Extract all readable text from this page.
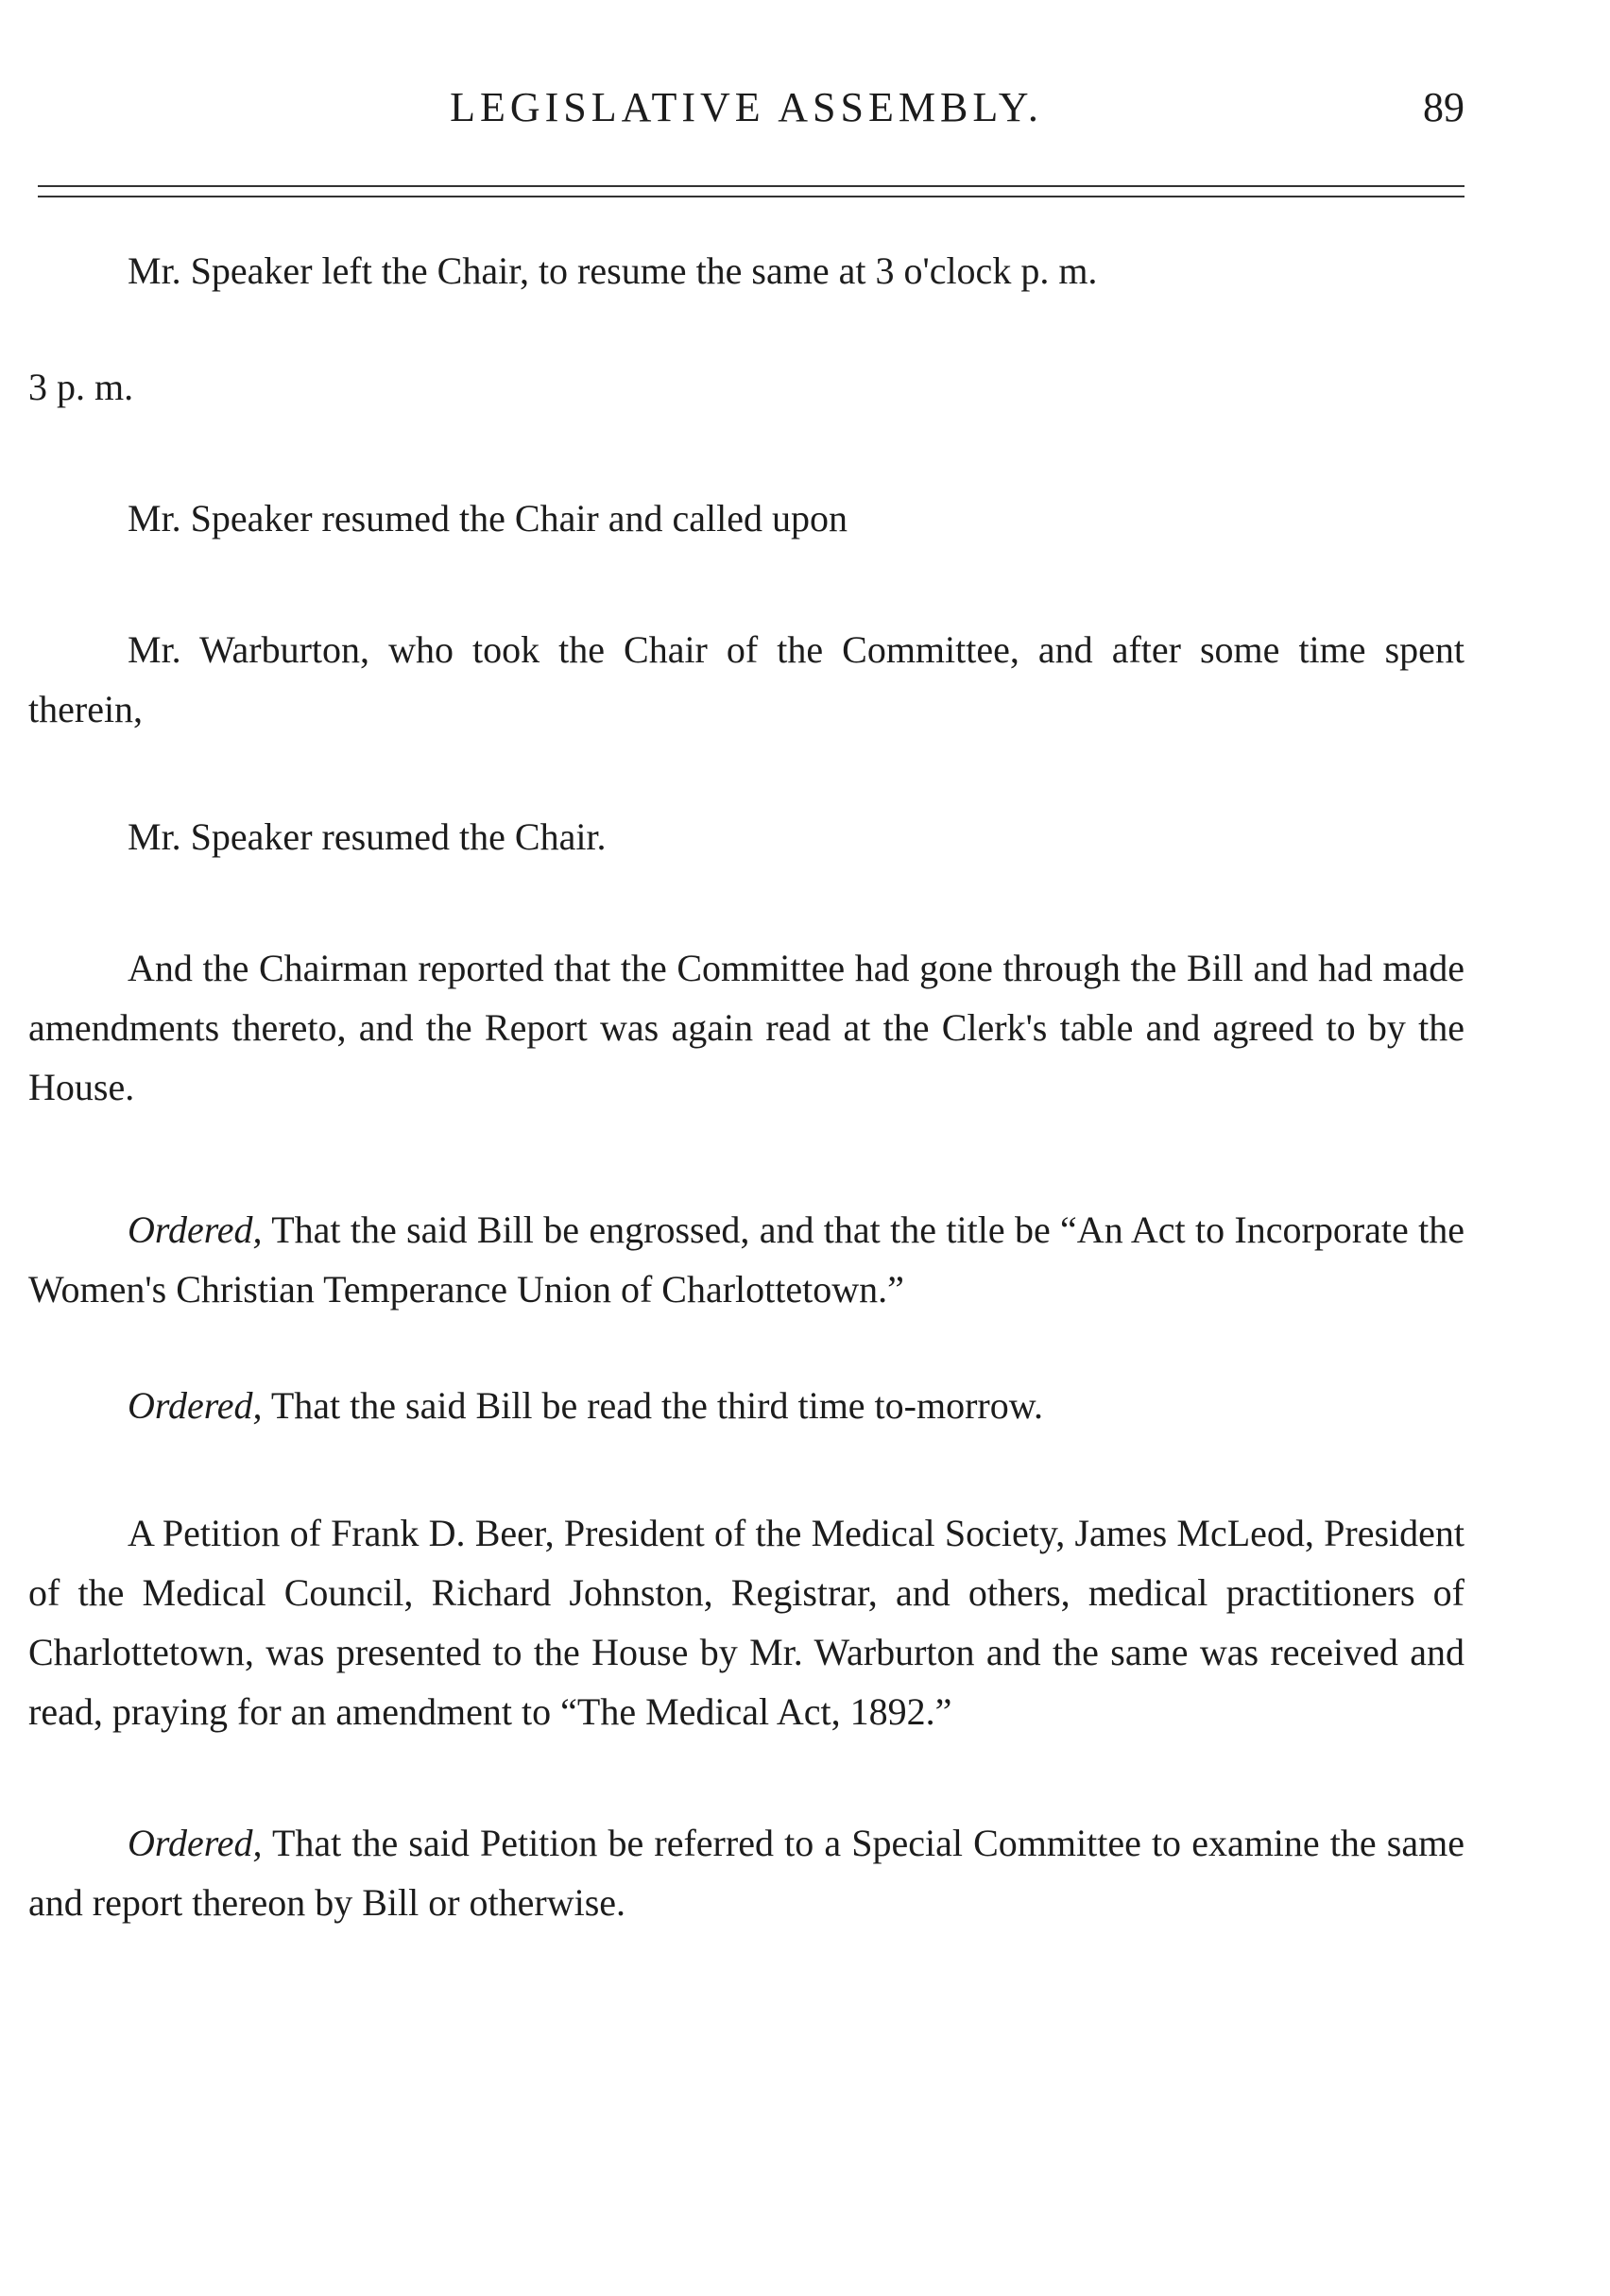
LEGISLATIVE ASSEMBLY.	89

Mr. Speaker left the Chair, to resume the same at 3 o'clock p. m.

3 p. m.

Mr. Speaker resumed the Chair and called upon

Mr. Warburton, who took the Chair of the Committee, and after some time spent therein,

Mr. Speaker resumed the Chair.

And the Chairman reported that the Committee had gone through the Bill and had made amendments thereto, and the Report was again read at the Clerk's table and agreed to by the House.

Ordered, That the said Bill be engrossed, and that the title be “An Act to Incorporate the Women's Christian Temperance Union of Charlottetown.”

Ordered, That the said Bill be read the third time to-morrow.

A Petition of Frank D. Beer, President of the Medical Society, James McLeod, President of the Medical Council, Richard Johnston, Registrar, and others, medical practitioners of Charlottetown, was presented to the House by Mr. Warburton and the same was received and read, praying for an amendment to “The Medical Act, 1892.”

Ordered, That the said Petition be referred to a Special Committee to examine the same and report thereon by Bill or otherwise.
